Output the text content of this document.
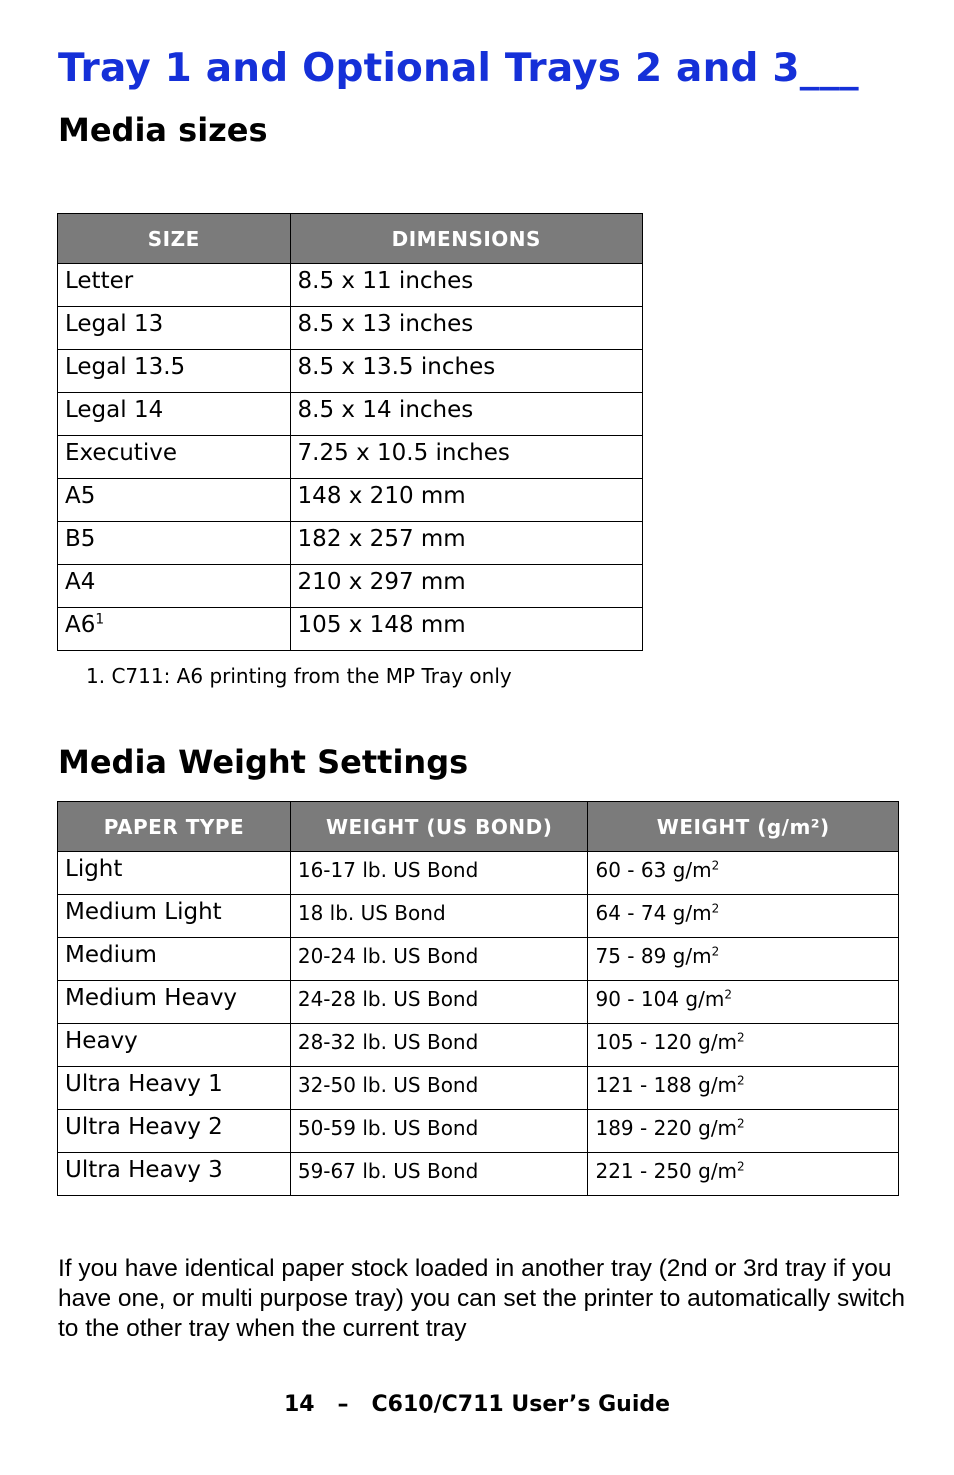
Tray 1 and Optional Trays 2 and 3___
Media sizes
SIZE	DIMENSIONS
Letter	8.5 x 11 inches
Legal 13	8.5 x 13 inches
Legal 13.5	8.5 x 13.5 inches
Legal 14	8.5 x 14 inches
Executive	7.25 x 10.5 inches
A5	148 x 210 mm
B5	182 x 257 mm
A4	210 x 297 mm
$A6^1$	105 x 148 mm
1. C711: A6 printing from the MP Tray only
Media Weight Settings
PAPER TYPE	WEIGHT (US BOND)	WEIGHT (g/m²)
Light	16-17 lb. US Bond	60 - 63 $g/m^2$
Medium Light	18 lb. US Bond	64 - 74 $g/m^2$
Medium	20-24 lb. US Bond	75 - 89 $g/m^2$
Medium Heavy	24-28 lb. US Bond	90 - 104 $g/m^2$
Heavy	28-32 lb. US Bond	105 - 120 $g/m^2$
Ultra Heavy 1	32-50 lb. US Bond	121 - 188 $g/m^2$
Ultra Heavy 2	50-59 lb. US Bond	189 - 220 $g/m^2$
Ultra Heavy 3	59-67 lb. US Bond	221 - 250 $g/m^2$
If you have identical paper stock loaded in another tray (2nd or 3rd tray if you have one, or multi purpose tray) you can set the printer to automatically switch to the other tray when the current tray
14 – C610/C711 User’s Guide
